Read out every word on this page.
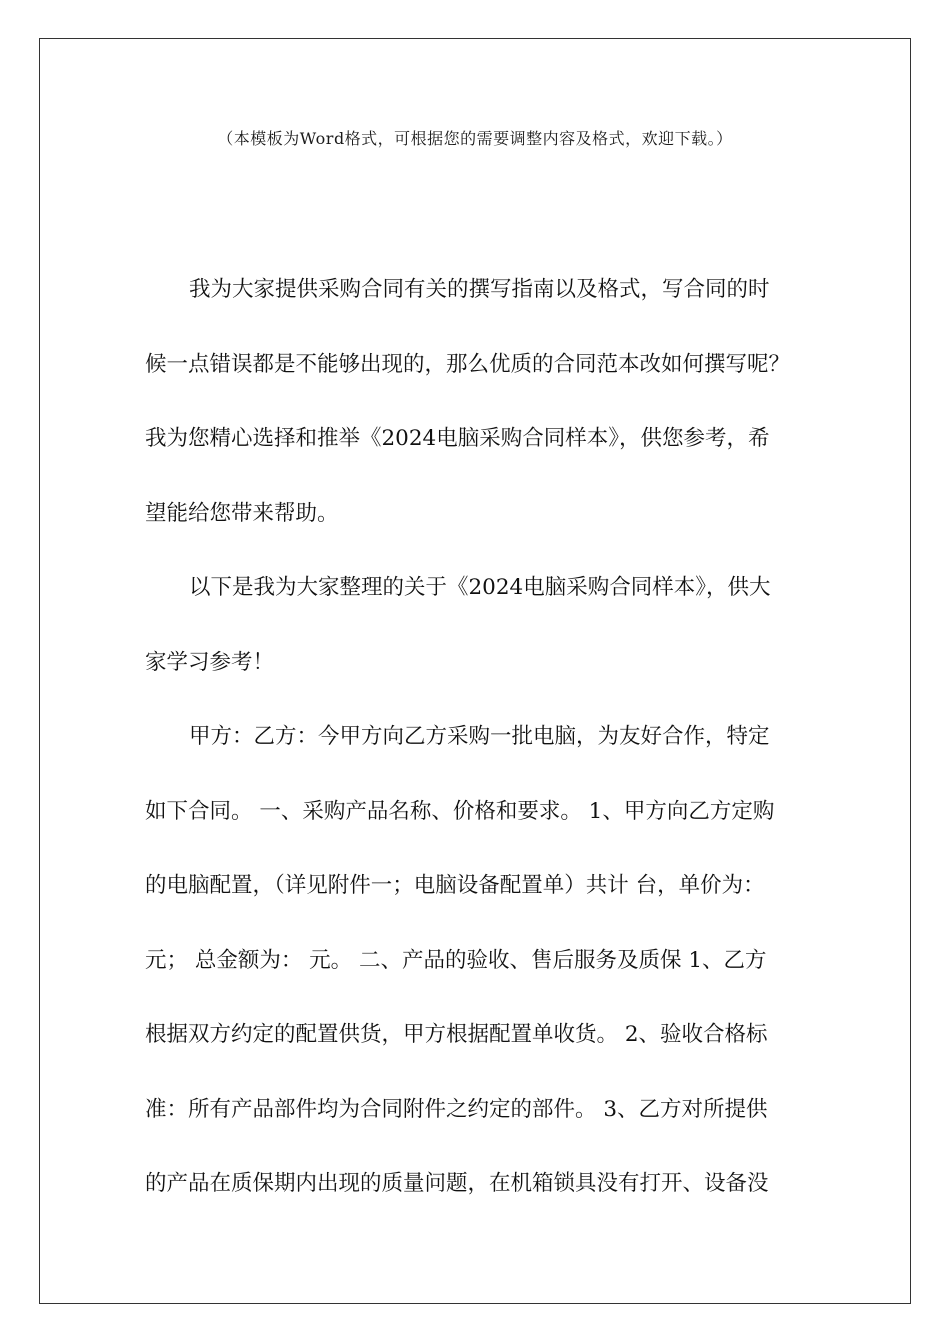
（本模板为Word格式，可根据您的需要调整内容及格式，欢迎下载。）
我为大家提供采购合同有关的撰写指南以及格式，写合同的时
候一点错误都是不能够出现的，那么优质的合同范本改如何撰写呢？
我为您精心选择和推举《2024电脑采购合同样本》，供您参考，希
望能给您带来帮助。
以下是我为大家整理的关于《2024电脑采购合同样本》，供大
家学习参考！
甲方：乙方：今甲方向乙方采购一批电脑，为友好合作，特定
如下合同。 一、采购产品名称、价格和要求。 1、甲方向乙方定购
的电脑配置，（详见附件一；电脑设备配置单）共计 台，单价为：
元； 总金额为： 元。 二、产品的验收、售后服务及质保 1、乙方
根据双方约定的配置供货，甲方根据配置单收货。 2、验收合格标
准：所有产品部件均为合同附件之约定的部件。 3、乙方对所提供
的产品在质保期内出现的质量问题，在机箱锁具没有打开、设备没
